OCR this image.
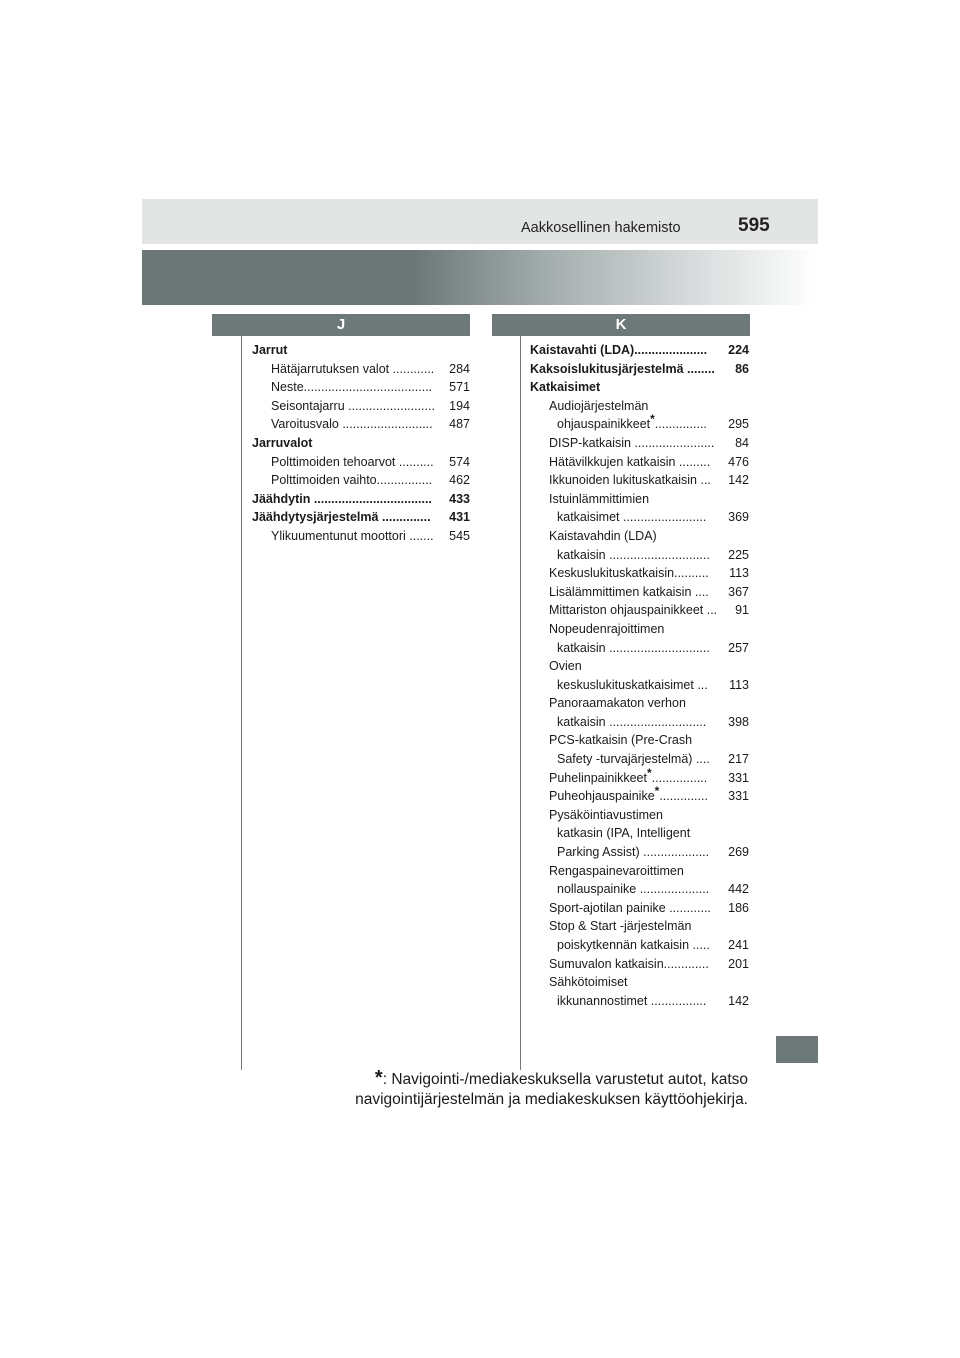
Aakkosellinen hakemisto	595
J	K
Jarrut
Hätäjarrutuksen valot ............ 284
Neste..................................... 571
Seisontajarru ......................... 194
Varoitusvalo .......................... 487
Jarruvalot
Polttimoiden tehoarvot .......... 574
Polttimoiden vaihto................ 462
Jäähdytin .................................. 433
Jäähdytysjärjestelmä .............. 431
Ylikuumentunut moottori ....... 545
Kaistavahti (LDA)..................... 224
Kaksoislukitusjärjestelmä ........ 86
Katkaisimet
Audiojärjestelmän
ohjauspainikkeet*............... 295
DISP-katkaisin ....................... 84
Hätävilkkujen katkaisin ......... 476
Ikkunoiden lukituskatkaisin ... 142
Istuinlämmittimien
katkaisimet ........................ 369
Kaistavahdin (LDA)
katkaisin ............................. 225
Keskuslukituskatkaisin.......... 113
Lisälämmittimen katkaisin .... 367
Mittariston ohjauspainikkeet ... 91
Nopeudenrajoittimen
katkaisin ............................. 257
Ovien
keskuslukituskatkaisimet ... 113
Panoraamakaton verhon
katkaisin ............................ 398
PCS-katkaisin (Pre-Crash
Safety -turvajärjestelmä) .... 217
Puhelinpainikkeet*................ 331
Puheohjauspainike*.............. 331
Pysäköintiavustimen
katkasin (IPA, Intelligent
Parking Assist) ................... 269
Rengaspainevaroittimen
nollauspainike .................... 442
Sport-ajotilan painike ............ 186
Stop & Start -järjestelmän
poiskytkennän katkaisin ..... 241
Sumuvalon katkaisin............. 201
Sähkötoimiset
ikkunannostimet ................ 142
*: Navigointi-/mediakeskuksella varustetut autot, katso
navigointijärjestelmän ja mediakeskuksen käyttöohjekirja.
